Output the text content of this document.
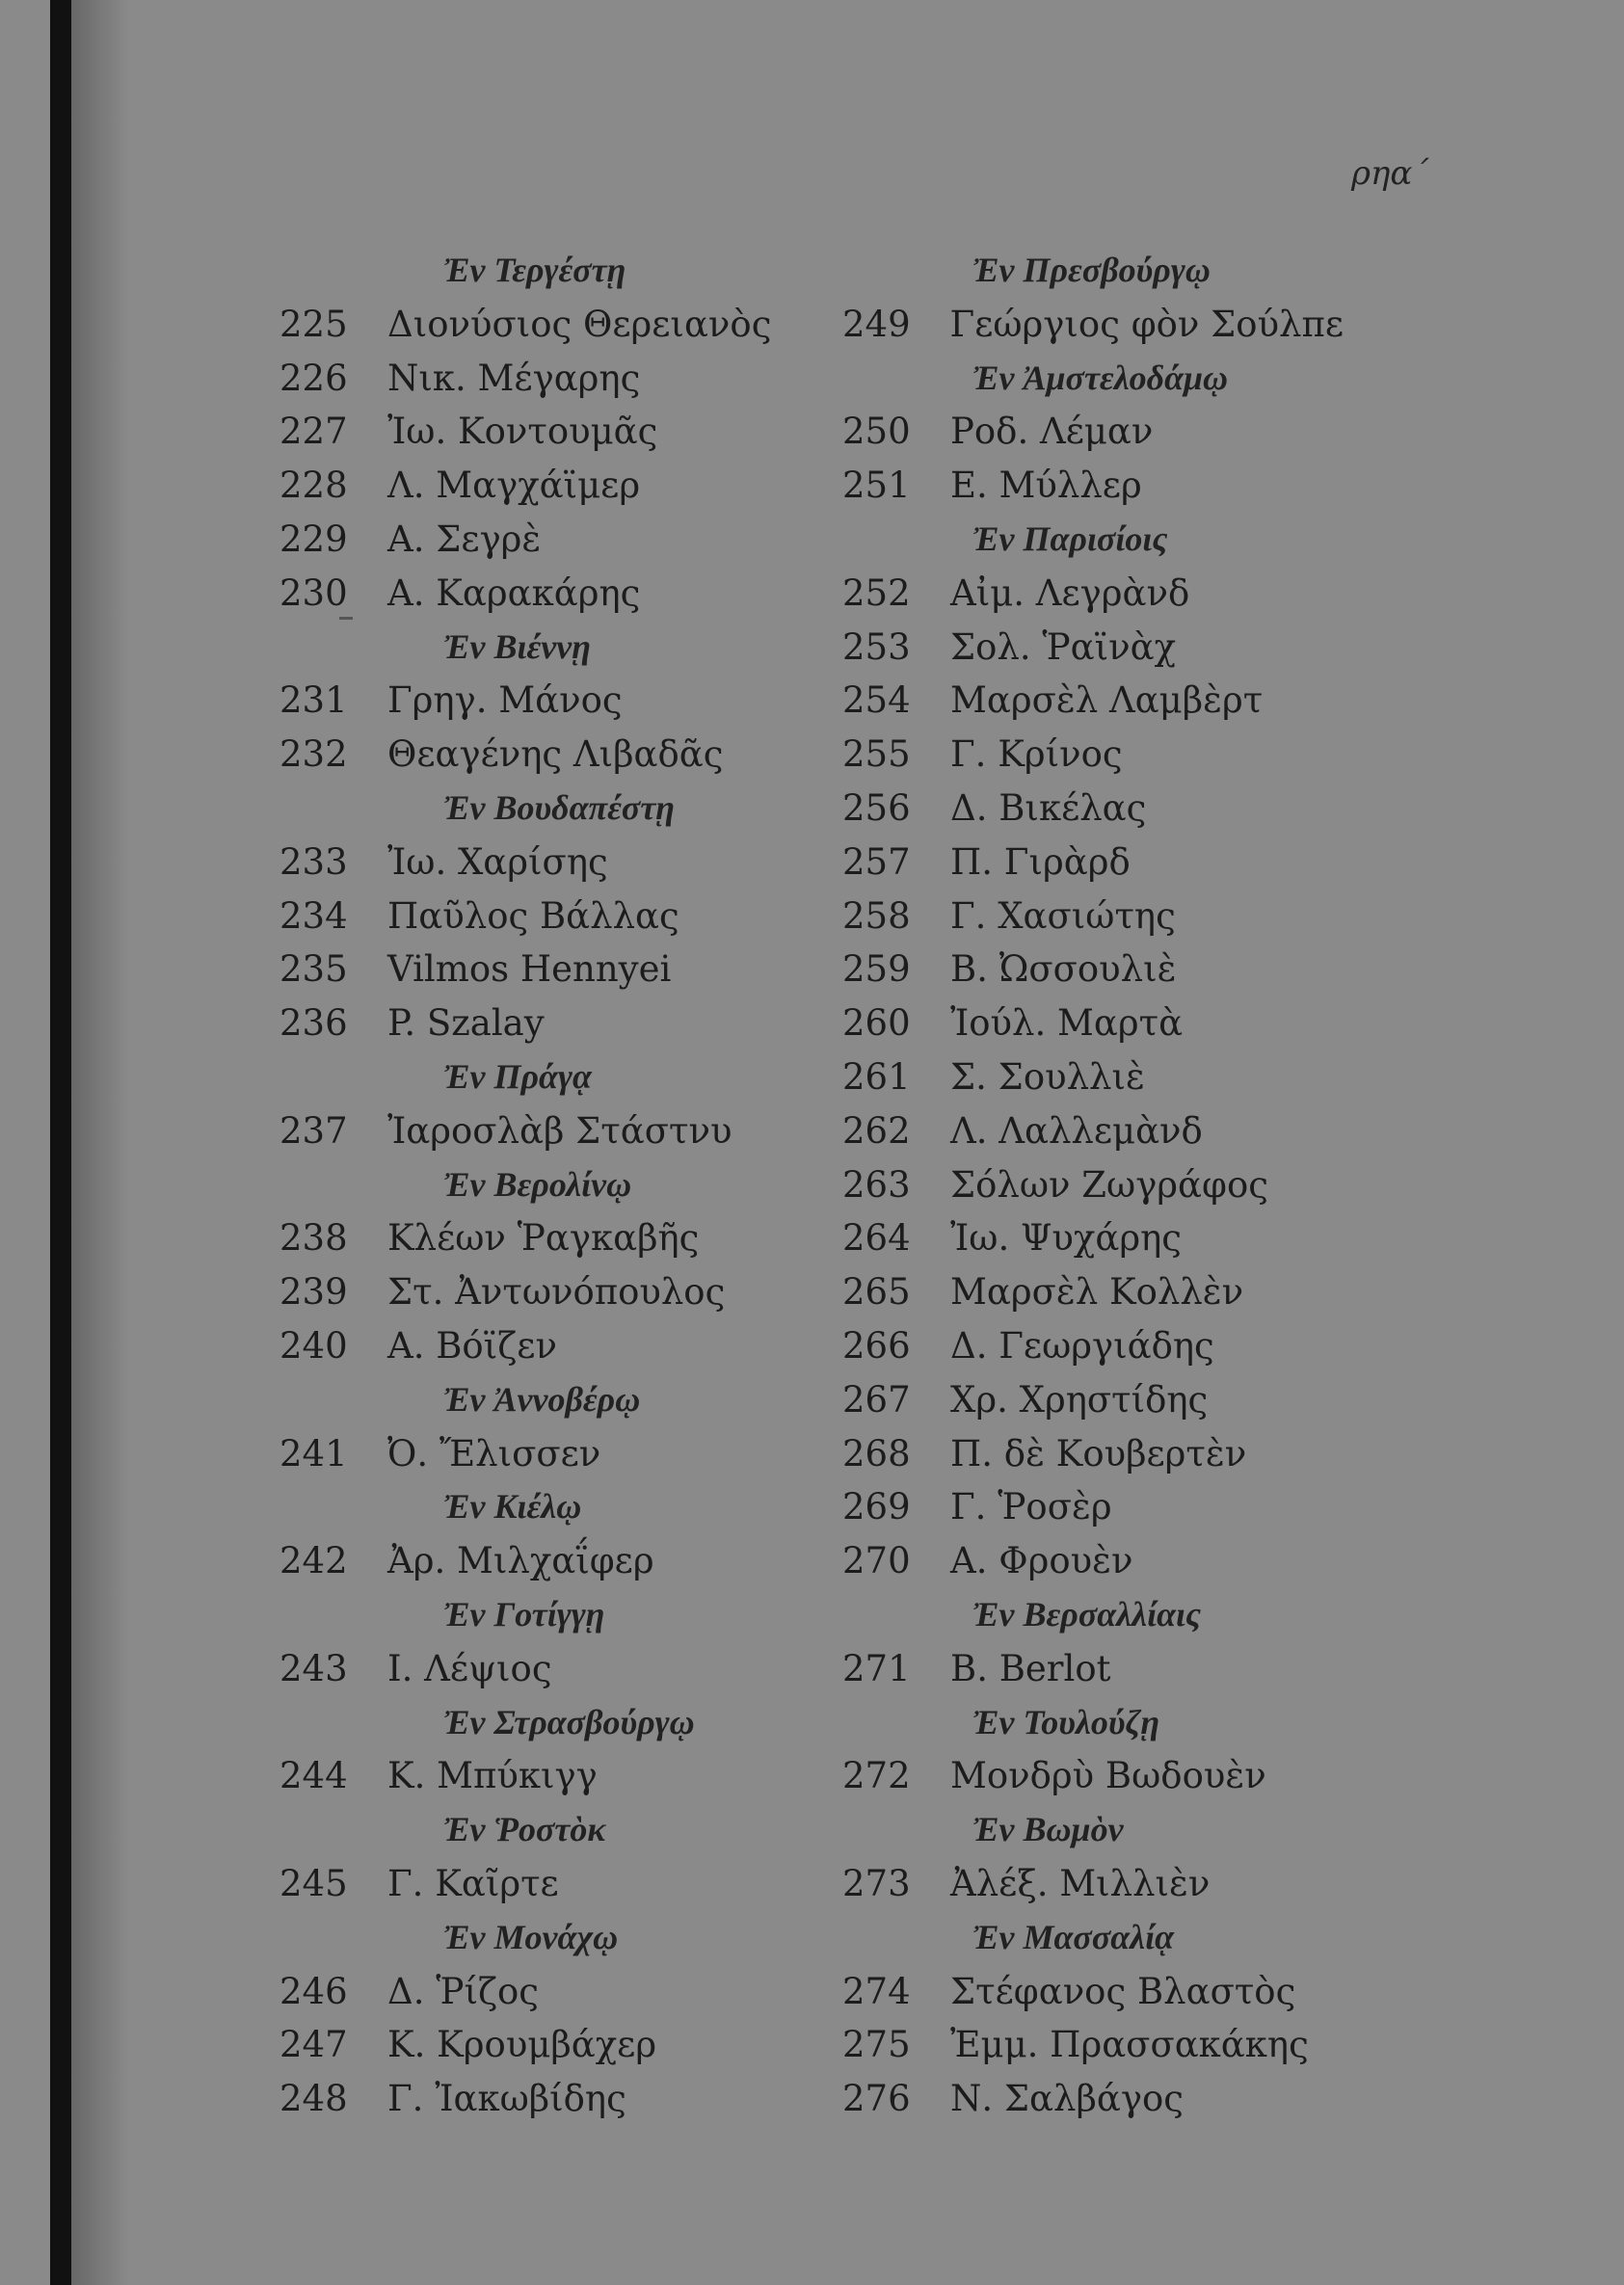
ρηα΄
Ἐν Τεργέστῃ
225	Διονύσιος Θερειανὸς
226	Νικ. Μέγαρης
227	Ἰω. Κοντουμᾶς
228	Λ. Μαγχάϊμερ
229	Α. Σεγρὲ
230	Α. Καρακάρης
Ἐν Βιέννῃ
231	Γρηγ. Μάνος
232	Θεαγένης Λιβαδᾶς
Ἐν Βουδαπέστῃ
233	Ἰω. Χαρίσης
234	Παῦλος Βάλλας
235	Vilmos Hennyei
236	P. Szalay
Ἐν Πράγᾳ
237	Ἰαροσλὰβ Στάστνυ
Ἐν Βερολίνῳ
238	Κλέων Ῥαγκαβῆς
239	Στ. Ἀντωνόπουλος
240	Α. Βόϊζεν
Ἐν Ἀννοβέρῳ
241	Ὀ. Ἔλισσεν
Ἐν Κιέλῳ
242	Ἀρ. Μιλχαΐφερ
Ἐν Γοτίγγῃ
243	Ι. Λέψιος
Ἐν Στρασβούργῳ
244	Κ. Μπύκιγγ
Ἐν Ῥοστὸκ
245	Γ. Καῖρτε
Ἐν Μονάχῳ
246	Δ. Ῥίζος
247	Κ. Κρουμβάχερ
248	Γ. Ἰακωβίδης
Ἐν Πρεσβούργῳ
249	Γεώργιος φὸν Σούλπε
Ἐν Ἀμστελοδάμῳ
250	Ροδ. Λέμαν
251	Ε. Μύλλερ
Ἐν Παρισίοις
252	Αἰμ. Λεγρὰνδ
253	Σολ. Ῥαϊνὰχ
254	Μαρσὲλ Λαμβὲρτ
255	Γ. Κρίνος
256	Δ. Βικέλας
257	Π. Γιρὰρδ
258	Γ. Χασιώτης
259	Β. Ὠσσουλιὲ
260	Ἰούλ. Μαρτὰ
261	Σ. Σουλλιὲ
262	Λ. Λαλλεμὰνδ
263	Σόλων Ζωγράφος
264	Ἰω. Ψυχάρης
265	Μαρσὲλ Κολλὲν
266	Δ. Γεωργιάδης
267	Χρ. Χρηστίδης
268	Π. δὲ Κουβερτὲν
269	Γ. Ῥοσὲρ
270	Α. Φρουὲν
Ἐν Βερσαλλίαις
271	B. Berlot
Ἐν Τουλούζῃ
272	Μονδρὺ Βωδουὲν
Ἐν Βωμὸν
273	Ἀλέξ. Μιλλιὲν
Ἐν Μασσαλίᾳ
274	Στέφανος Βλαστὸς
275	Ἐμμ. Πρασσακάκης
276	Ν. Σαλβάγος
